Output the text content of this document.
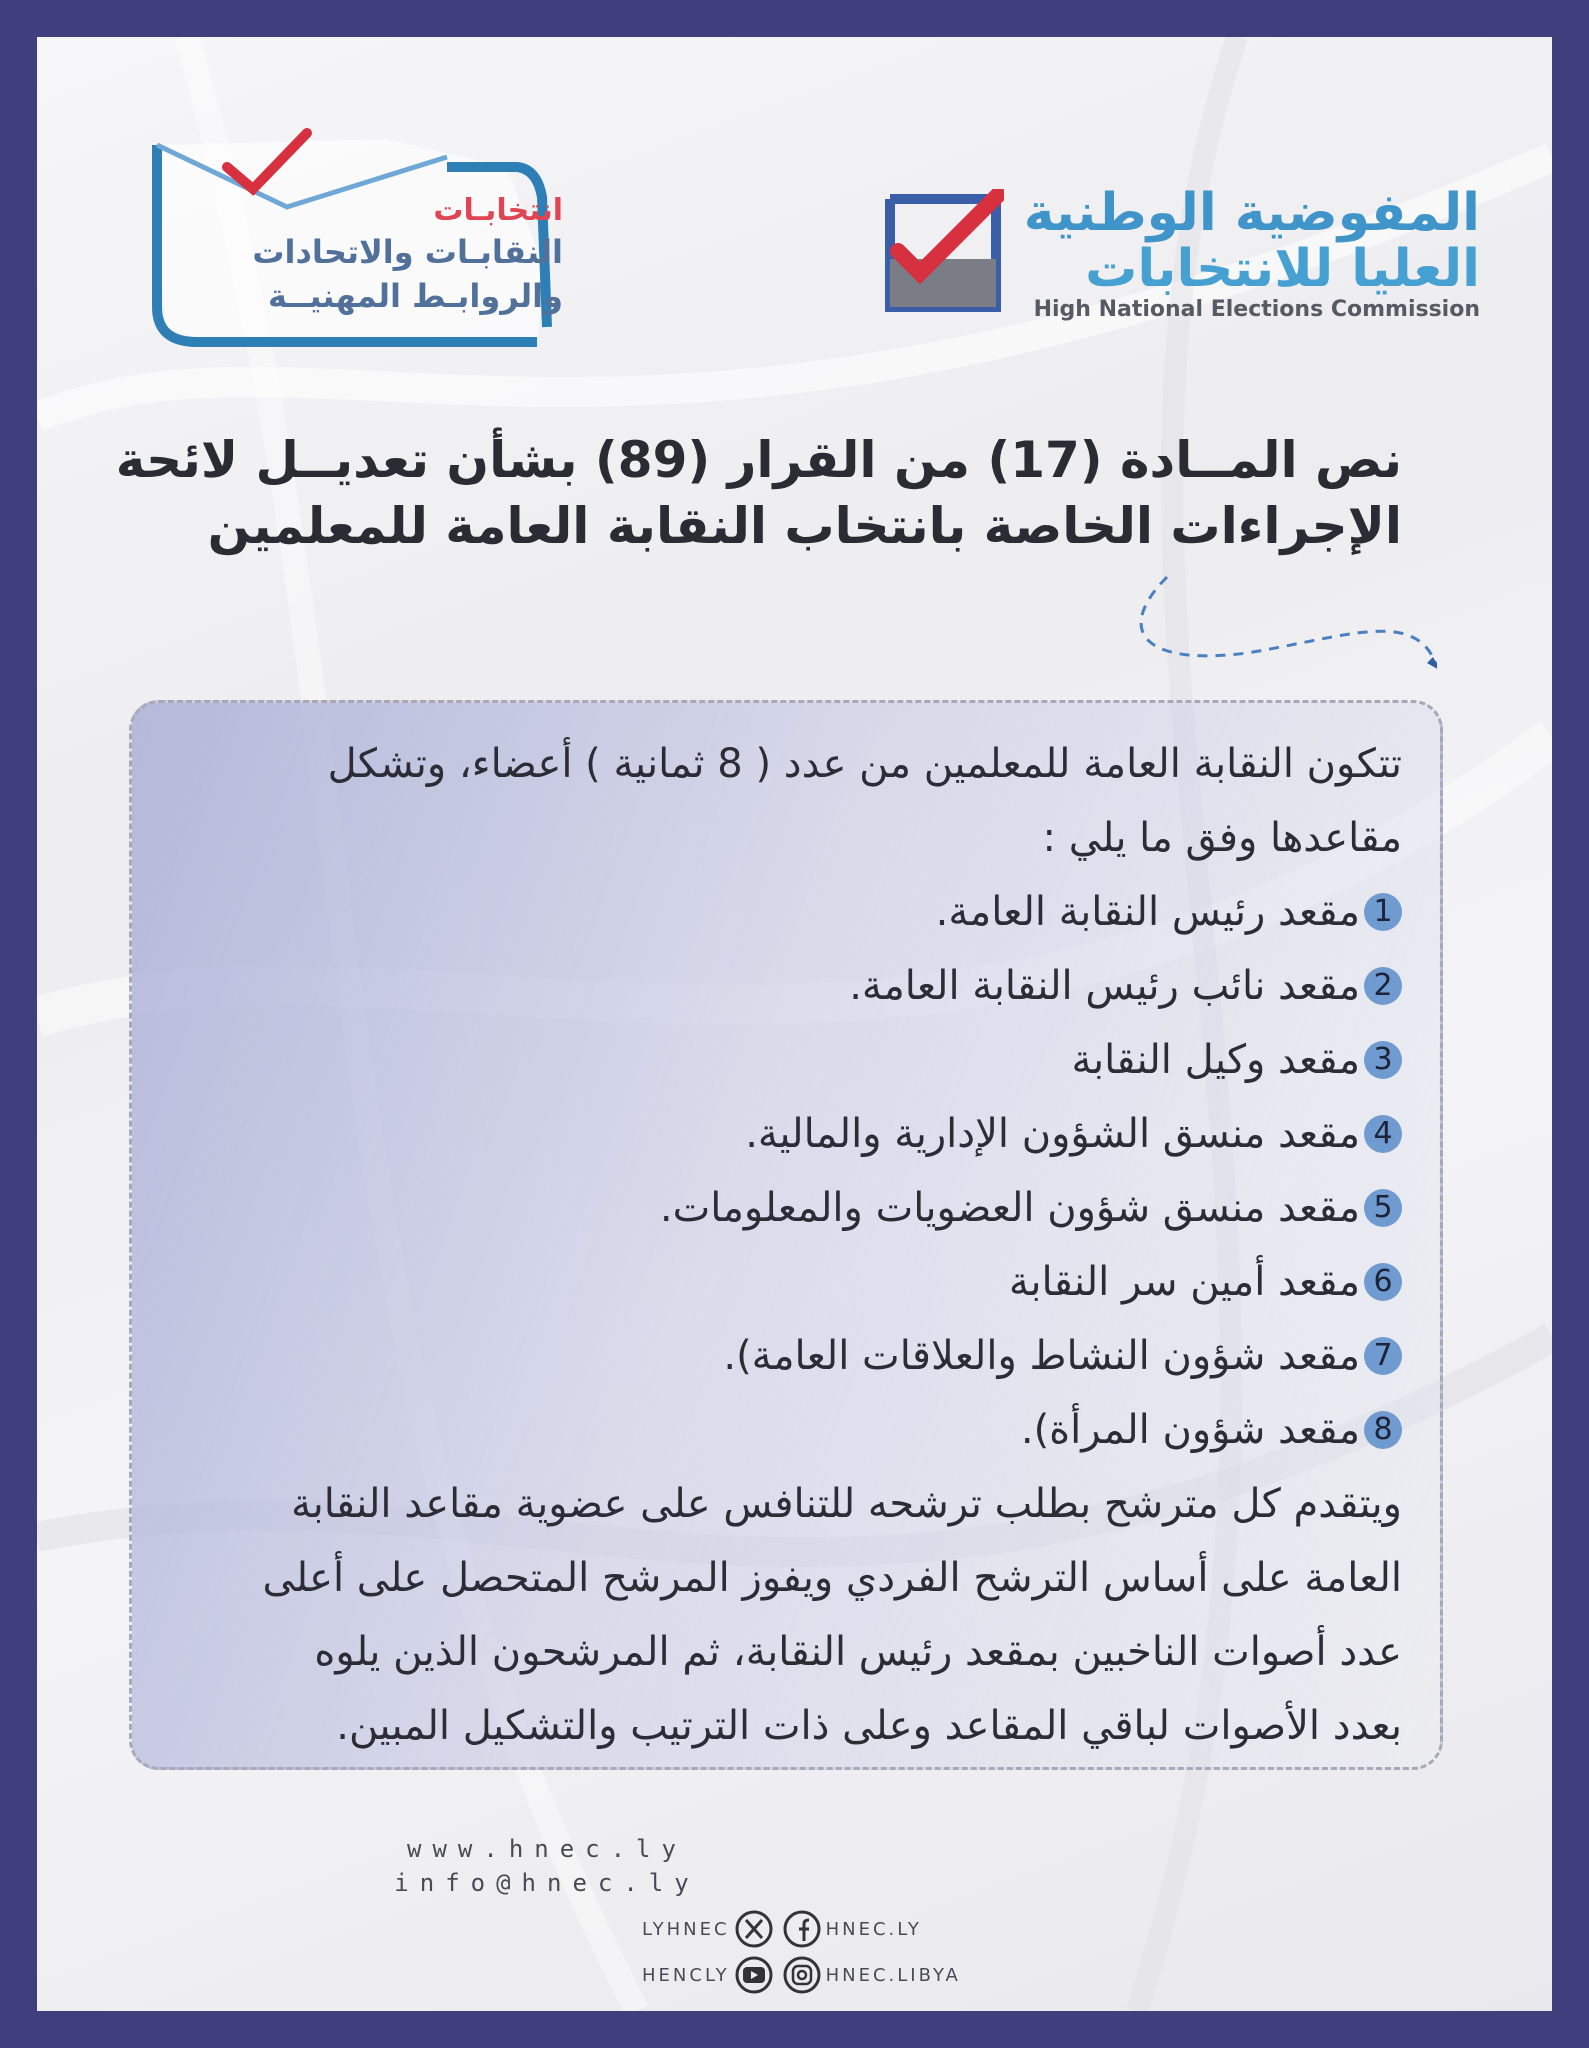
المفوضية الوطنية
العليا للانتخابات
High National Elections Commission
انتخابـات
النقابـات والاتحادات
والروابـط المهنيــة
نص المــادة (17) من القرار (89) بشأن تعديــل لائحة
الإجراءات الخاصة بانتخاب النقابة العامة للمعلمين
تتكون النقابة العامة للمعلمين من عدد ( 8 ثمانية ) أعضاء، وتشكل
مقاعدها وفق ما يلي :
1
مقعد رئيس النقابة العامة.
2
مقعد نائب رئيس النقابة العامة.
3
مقعد وكيل النقابة
4
مقعد منسق الشؤون الإدارية والمالية.
5
مقعد منسق شؤون العضويات والمعلومات.
6
مقعد أمين سر النقابة
7
مقعد شؤون النشاط والعلاقات العامة).
8
مقعد شؤون المرأة).
ويتقدم كل مترشح بطلب ترشحه للتنافس على عضوية مقاعد النقابة
العامة على أساس الترشح الفردي ويفوز المرشح المتحصل على أعلى
عدد أصوات الناخبين بمقعد رئيس النقابة، ثم المرشحون الذين يلوه
بعدد الأصوات لباقي المقاعد وعلى ذات الترتيب والتشكيل المبين.
www.hnec.ly
info@hnec.ly
LYHNEC	HNEC.LY
HENCLY	HNEC.LIBYA
